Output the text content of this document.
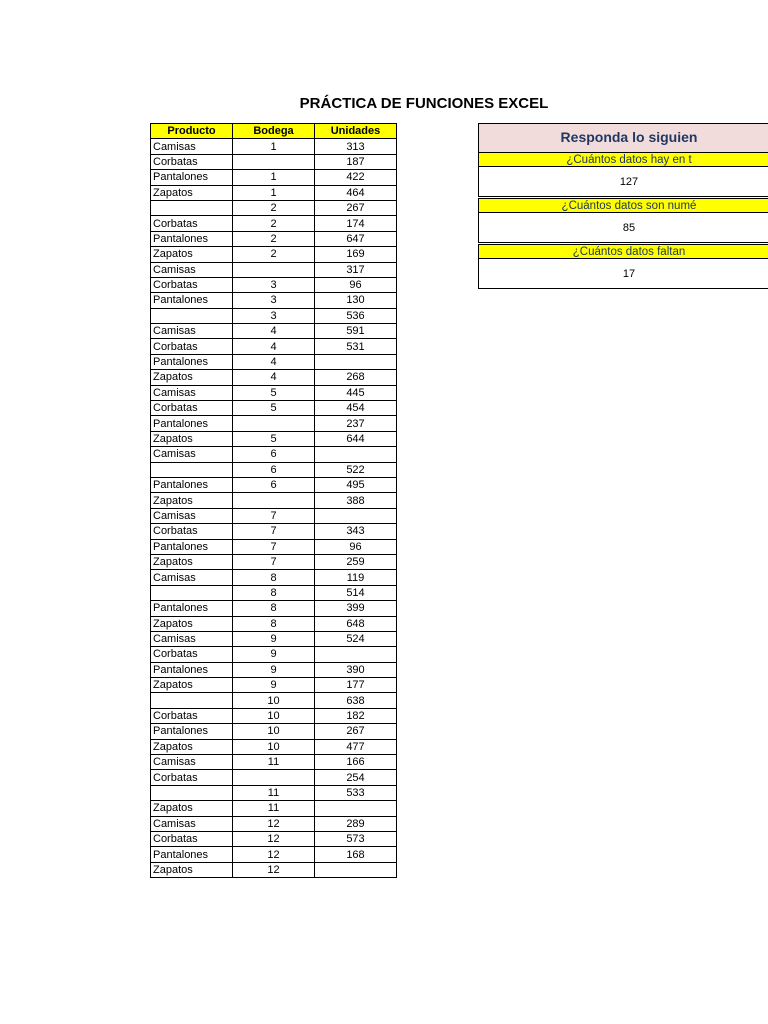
PRÁCTICA DE FUNCIONES EXCEL
Producto	Bodega	Unidades
Camisas	1	313
Corbatas		187
Pantalones	1	422
Zapatos	1	464
	2	267
Corbatas	2	174
Pantalones	2	647
Zapatos	2	169
Camisas		317
Corbatas	3	96
Pantalones	3	130
	3	536
Camisas	4	591
Corbatas	4	531
Pantalones	4	
Zapatos	4	268
Camisas	5	445
Corbatas	5	454
Pantalones		237
Zapatos	5	644
Camisas	6	
	6	522
Pantalones	6	495
Zapatos		388
Camisas	7	
Corbatas	7	343
Pantalones	7	96
Zapatos	7	259
Camisas	8	119
	8	514
Pantalones	8	399
Zapatos	8	648
Camisas	9	524
Corbatas	9	
Pantalones	9	390
Zapatos	9	177
	10	638
Corbatas	10	182
Pantalones	10	267
Zapatos	10	477
Camisas	11	166
Corbatas		254
	11	533
Zapatos	11	
Camisas	12	289
Corbatas	12	573
Pantalones	12	168
Zapatos	12	
Responda lo siguien
¿Cuántos datos hay en t
127
¿Cuántos datos son numé
85
¿Cuántos datos faltan
17
